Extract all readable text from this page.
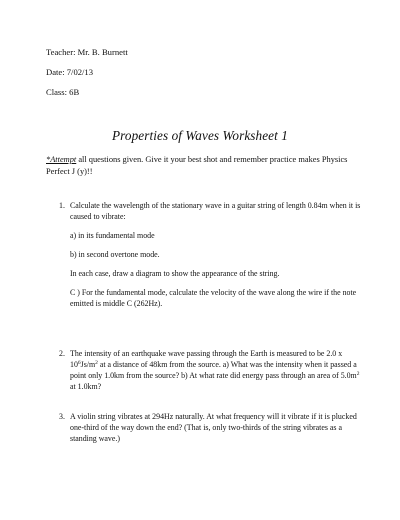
Teacher: Mr. B. Burnett
Date: 7/02/13
Class: 6B
Properties of Waves Worksheet 1
*Attempt all questions given. Give it your best shot and remember practice makes Physics Perfect J (y)!!
1. Calculate the wavelength of the stationary wave in a guitar string of length 0.84m when it is caused to vibrate:
a) in its fundamental mode
b) in second overtone mode.
In each case, draw a diagram to show the appearance of the string.
C ) For the fundamental mode, calculate the velocity of the wave along the wire if the note emitted is middle C (262Hz).
2. The intensity of an earthquake wave passing through the Earth is measured to be 2.0 x $10^6Js/m^2$ at a distance of 48km from the source. a) What was the intensity when it passed a point only 1.0km from the source? b) At what rate did energy pass through an area of $5.0m^2$ at 1.0km?
3. A violin string vibrates at 294Hz naturally. At what frequency will it vibrate if it is plucked one-third of the way down the end? (That is, only two-thirds of the string vibrates as a standing wave.)
